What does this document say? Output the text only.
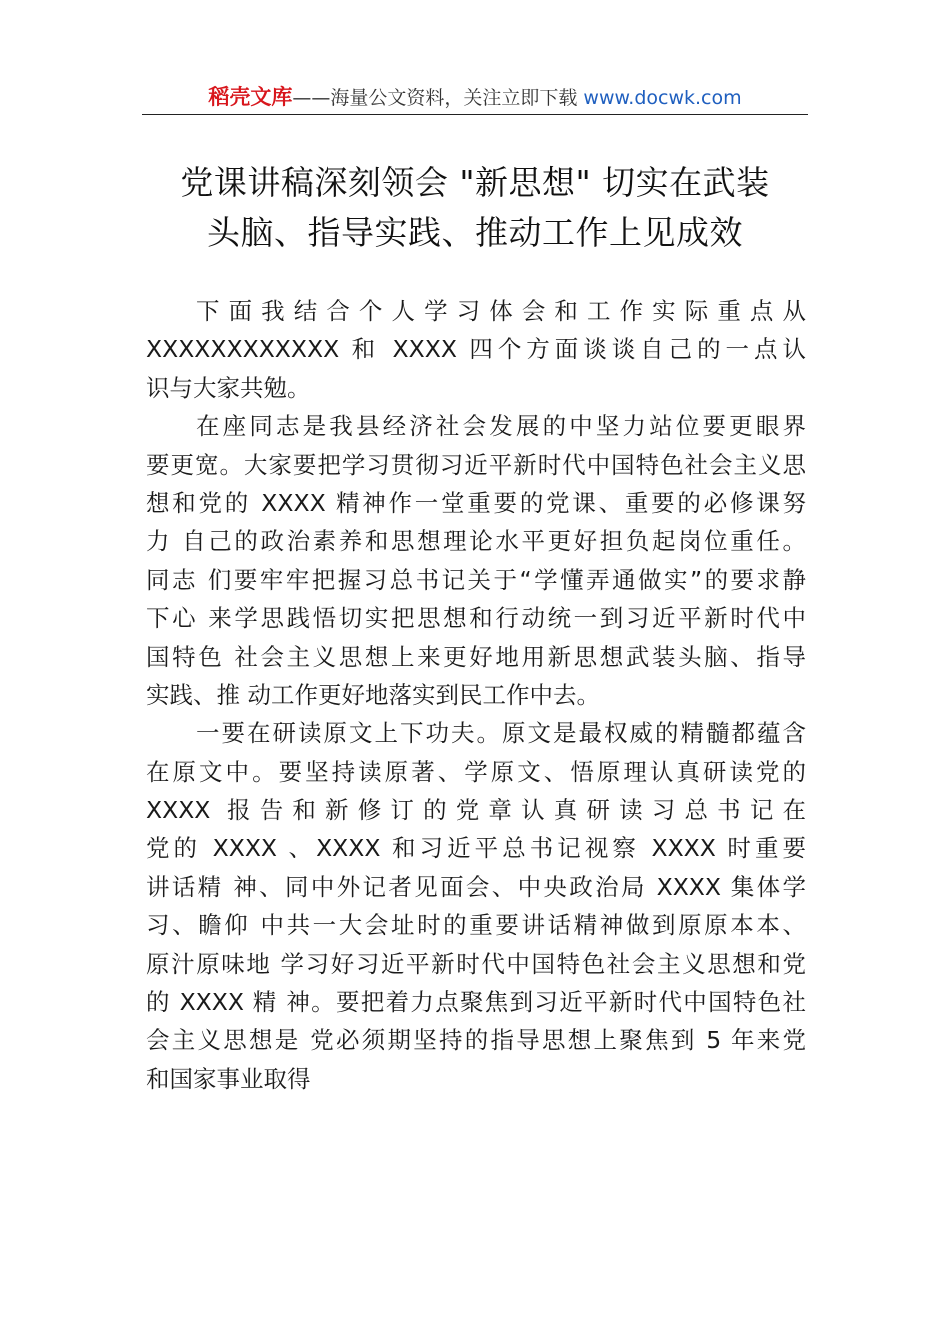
稻壳文库——海量公文资料，关注立即下载 www.docwk.com
党课讲稿深刻领会 "新思想" 切实在武装
头脑、指导实践、推动工作上见成效
下面我结合个人学习体会和工作实际重点从
XXXXXXXXXXXX 和 XXXX 四个方面谈谈自己的一点认
识与大家共勉。
在座同志是我县经济社会发展的中坚力站位要更眼界
要更宽。大家要把学习贯彻习近平新时代中国特色社会主义思
想和党的 XXXX 精神作一堂重要的党课、重要的必修课努
力 自己的政治素养和思想理论水平更好担负起岗位重任。
同志 们要牢牢把握习总书记关于“学懂弄通做实”的要求静
下心 来学思践悟切实把思想和行动统一到习近平新时代中
国特色 社会主义思想上来更好地用新思想武装头脑、指导
实践、推 动工作更好地落实到民工作中去。
一要在研读原文上下功夫。原文是最权威的精髓都蕴含
在原文中。要坚持读原著、学原文、悟原理认真研读党的
XXXX 报告和新修订的党章认真研读习总书记在
党的 XXXX 、XXXX 和习近平总书记视察 XXXX 时重要
讲话精 神、同中外记者见面会、中央政治局 XXXX 集体学
习、瞻仰 中共一大会址时的重要讲话精神做到原原本本、
原汁原味地 学习好习近平新时代中国特色社会主义思想和党
的 XXXX 精 神。要把着力点聚焦到习近平新时代中国特色社
会主义思想是 党必须期坚持的指导思想上聚焦到 5 年来党
和国家事业取得
